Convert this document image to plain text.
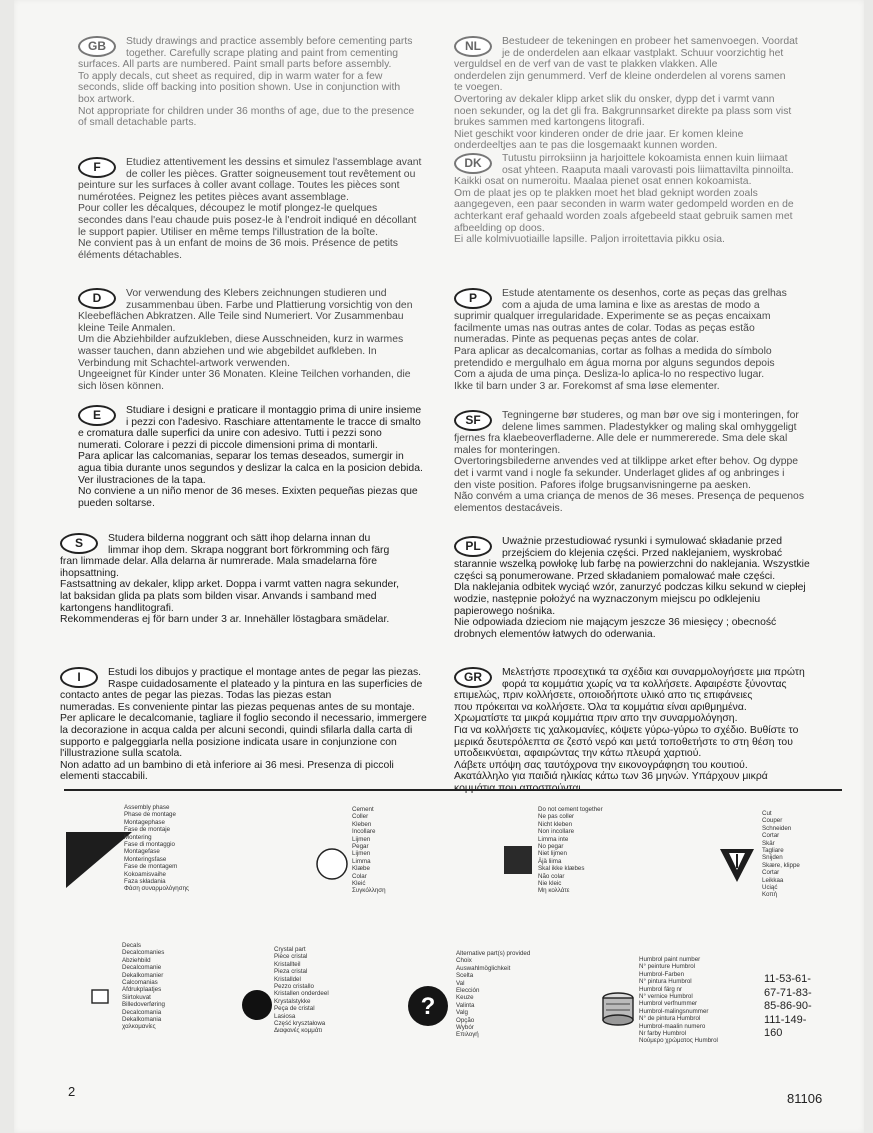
GB	Study drawings and practice assembly before cementing parts
together. Carefully scrape plating and paint from cementing
surfaces. All parts are numbered. Paint small parts before assembly.
To apply decals, cut sheet as required, dip in warm water for a few
seconds, slide off backing into position shown. Use in conjunction with
box artwork.
Not appropriate for children under 36 months of age, due to the presence
of small detachable parts.
NL	Bestudeer de tekeningen en probeer het samenvoegen. Voordat
je de onderdelen aan elkaar vastplakt. Schuur voorzichtig het
verguldsel en de verf van de vast te plakken vlakken. Alle
onderdelen zijn genummerd. Verf de kleine onderdelen al vorens samen
te voegen.
Overtoring av dekaler klipp arket slik du onsker, dypp det i varmt vann
noen sekunder, og la det gli fra. Bakgrunnsarket direkte pa plass som vist
brukes sammen med kartongens litografi.
Niet geschikt voor kinderen onder de drie jaar. Er komen kleine
onderdeeltjes aan te pas die losgemaakt kunnen worden.
F	Etudiez attentivement les dessins et simulez l'assemblage avant
de coller les pièces. Gratter soigneusement tout revêtement ou
peinture sur les surfaces à coller avant collage. Toutes les pièces sont
numérotées. Peignez les petites pièces avant assemblage.
Pour coller les décalques, découpez le motif plongez-le quelques
secondes dans l'eau chaude puis posez-le à l'endroit indiqué en décollant
le support papier. Utiliser en même temps l'illustration de la boîte.
Ne convient pas à un enfant de moins de 36 mois. Présence de petits
éléments détachables.
DK	Tutustu pirroksiinn ja harjoittele kokoamista ennen kuin liimaat
osat yhteen. Raaputa maali varovasti pois liimattavilta pinnoilta.
Kaikki osat on numeroitu. Maalaa pienet osat ennen kokoamista.
Om de plaat jes op te plakken moet het blad geknipt worden zoals
aangegeven, een paar seconden in warm water gedompeld worden en de
achterkant eraf gehaald worden zoals afgebeeld staat gebruik samen met
afbeelding op doos.
Ei alle kolmivuotiaille lapsille. Paljon irroitettavia pikku osia.
D	Vor verwendung des Klebers zeichnungen studieren und
zusammenbau üben. Farbe und Plattierung vorsichtig von den
Kleebeflächen Abkratzen. Alle Teile sind Numeriert. Vor Zusammenbau
kleine Teile Anmalen.
Um die Abziehbilder aufzukleben, diese Ausschneiden, kurz in warmes
wasser tauchen, dann abziehen und wie abgebildet aufkleben. In
Verbindung mit Schachtel-artwork verwenden.
Ungeeignet für Kinder unter 36 Monaten. Kleine Teilchen vorhanden, die
sich lösen können.
P	Estude atentamente os desenhos, corte as peças das grelhas
com a ajuda de uma lamina e lixe as arestas de modo a
suprimir qualquer irregularidade. Experimente se as peças encaixam
facilmente umas nas outras antes de colar. Todas as peças estão
numeradas. Pinte as pequenas peças antes de colar.
Para aplicar as decalcomanias, cortar as folhas a medida do símbolo
pretendido e mergulhalo em água morna por alguns segundos depois
Com a ajuda de uma pinça. Desliza-lo aplica-lo no respectivo lugar.
Ikke til barn under 3 ar. Forekomst af sma løse elementer.
E	Studiare i designi e praticare il montaggio prima di unire insieme
i pezzi con l'adesivo. Raschiare attentamente le tracce di smalto
e cromatura dalle superfici da unire con adesivo. Tutti i pezzi sono
numerati. Colorare i pezzi di piccole dimensioni prima di montarli.
Para aplicar las calcomanias, separar los temas deseados, sumergir in
agua tibia durante unos segundos y deslizar la calca en la posicion debida.
Ver ilustraciones de la tapa.
No conviene a un niño menor de 36 meses. Exixten pequeñas piezas que
pueden soltarse.
SF	Tegningerne bør studeres, og man bør ove sig i monteringen, for
delene limes sammen. Pladestykker og maling skal omhyggeligt
fjernes fra klaebeoverfladerne. Alle dele er nummererede. Sma dele skal
males for monteringen.
Overtoringsbilederne anvendes ved at tilklippe arket efter behov. Og dyppe
det i varmt vand i nogle fa sekunder. Underlaget glides af og anbringes i
den viste position. Pafores ifolge brugsanvisningerne pa aesken.
Não convém a uma criança de menos de 36 meses. Presença de pequenos
elementos destacáveis.
S	Studera bilderna noggrant och sätt ihop delarna innan du
limmar ihop dem. Skrapa noggrant bort förkromming och färg
fran limmade delar. Alla delarna är numrerade. Mala smadelarna före
ihopsattning.
Fastsattning av dekaler, klipp arket. Doppa i varmt vatten nagra sekunder,
lat baksidan glida pa plats som bilden visar. Anvands i samband med
kartongens handlitografi.
Rekommenderas ej för barn under 3 ar. Innehäller löstagbara smädelar.
PL	Uważnie przestudiować rysunki i symulować składanie przed
przejściem do klejenia części. Przed naklejaniem, wyskrobać
starannie wszelką powłokę lub farbę na powierzchni do naklejania. Wszystkie
części są ponumerowane. Przed składaniem pomalować małe części.
Dla naklejania odbitek wyciąć wzór, zanurzyć podczas kilku sekund w ciepłej
wodzie, następnie położyć na wyznaczonym miejscu po odklejeniu
papierowego nośnika.
Nie odpowiada dzieciom nie mającym jeszcze 36 miesięcy ; obecność
drobnych elementów łatwych do oderwania.
I	Estudi los dibujos y practique el montage antes de pegar las piezas.
Raspe cuidadosamente el plateado y la pintura en las superficies de
contacto antes de pegar las piezas. Todas las piezas estan
numeradas. Es conveniente pintar las piezas pequenas antes de su montaje.
Per aplicare le decalcomanie, tagliare il foglio secondo il necessario, immergere
la decorazione in acqua calda per alcuni secondi, quindi sfilarla dalla carta di
supporto e palgeggiarla nella posizione indicata usare in conjunzione con
l'illustrazione sulla scatola.
Non adatto ad un bambino di età inferiore ai 36 mesi. Presenza di piccoli
elementi staccabili.
GR	Μελετήστε προσεχτικά τα σχέδια και συναρμολογήσετε μια πρώτη
φορά τα κομμάτια χωρίς να τα κολλήσετε. Αφαιρέστε ξύνοντας
επιμελώς, πριν κολλήσετε, οποιοδήποτε υλικό απο τις επιφάνειες
που πρόκειται να κολλήσετε. Όλα τα κομμάτια είναι αριθμημένα.
Χρωματίστε τα μικρά κομμάτια πριν απο την συναρμολόγηση.
Για να κολλήσετε τις χαλκομανίες, κόψετε γύρω-γύρω το σχέδιο. Βυθίστε το
μερικά δευτερόλεπτα σε ζεστό νερό και μετά τοποθετήστε το στη θέση του
υποδεικνύεται, αφαιρώντας την κάτω πλευρά χαρτιού.
Λάβετε υπόψη σας ταυτόχρονα την εικονογράφηση του κουτιού.
Ακατάλληλο για παιδιά ηλικίας κάτω των 36 μηνών. Υπάρχουν μικρά
Assembly phase
Phase de montage
Montagephase
Fase de montaje
Montering
Fase di montaggio
Montagefase
Monteringsfase
Fase de montagem
Kokoamisvaihe
Faza składania
Φάση συναρμολόγησης
Cement
Coller
Kleben
Incollare
Lijmen
Pegar
Lijmen
Limma
Klæbe
Colar
Kleić
Συγκόλληση
Do not cement together
Ne pas coller
Nicht kleben
Non incollare
Limma inte
No pegar
Niet lijmen
Äjä liima
Skal ikke klæbes
Não colar
Nie kleic
Μη κολλάτε
Cut
Couper
Schneiden
Cortar
Skär
Tagliare
Snijden
Skære, klippe
Cortar
Leikkaa
Uciąć
Κοπή
Decals
Decalcomanies
Abziehbild
Decalcomanie
Dekalkomanier
Calcomanias
Afdrukplaatjes
Siirtokuvat
Billedoverføring
Decalcomania
Dekalkomania
χαλκομανίες
Crystal part
Pièce cristal
Kristallteil
Pieza cristal
Kristalldel
Pezzo cristallo
Kristallen onderdeel
Krystalstykke
Peça de cristal
Lasiosa
Część kryształowa
Διαφανές κομμάτι
?
Alternative part(s) provided
Choix
Auswahlmöglichkeit
Scelta
Val
Elección
Keuze
Valinta
Valg
Opção
Wybór
Επιλογή
Humbrol paint number
N° peinture Humbrol
Humbrol-Farben
N° pintura Humbrol
Humbrol färg nr
N° vernice Humbrol
Humbrol verfnummer
Humbrol-malingsnummer
N° de pintura Humbrol
Humbrol-maalin numero
Nr farby Humbrol
Νούμερο χρώματος Humbrol
11-53-61-
67-71-83-
85-86-90-
111-149-
160
2	81106
